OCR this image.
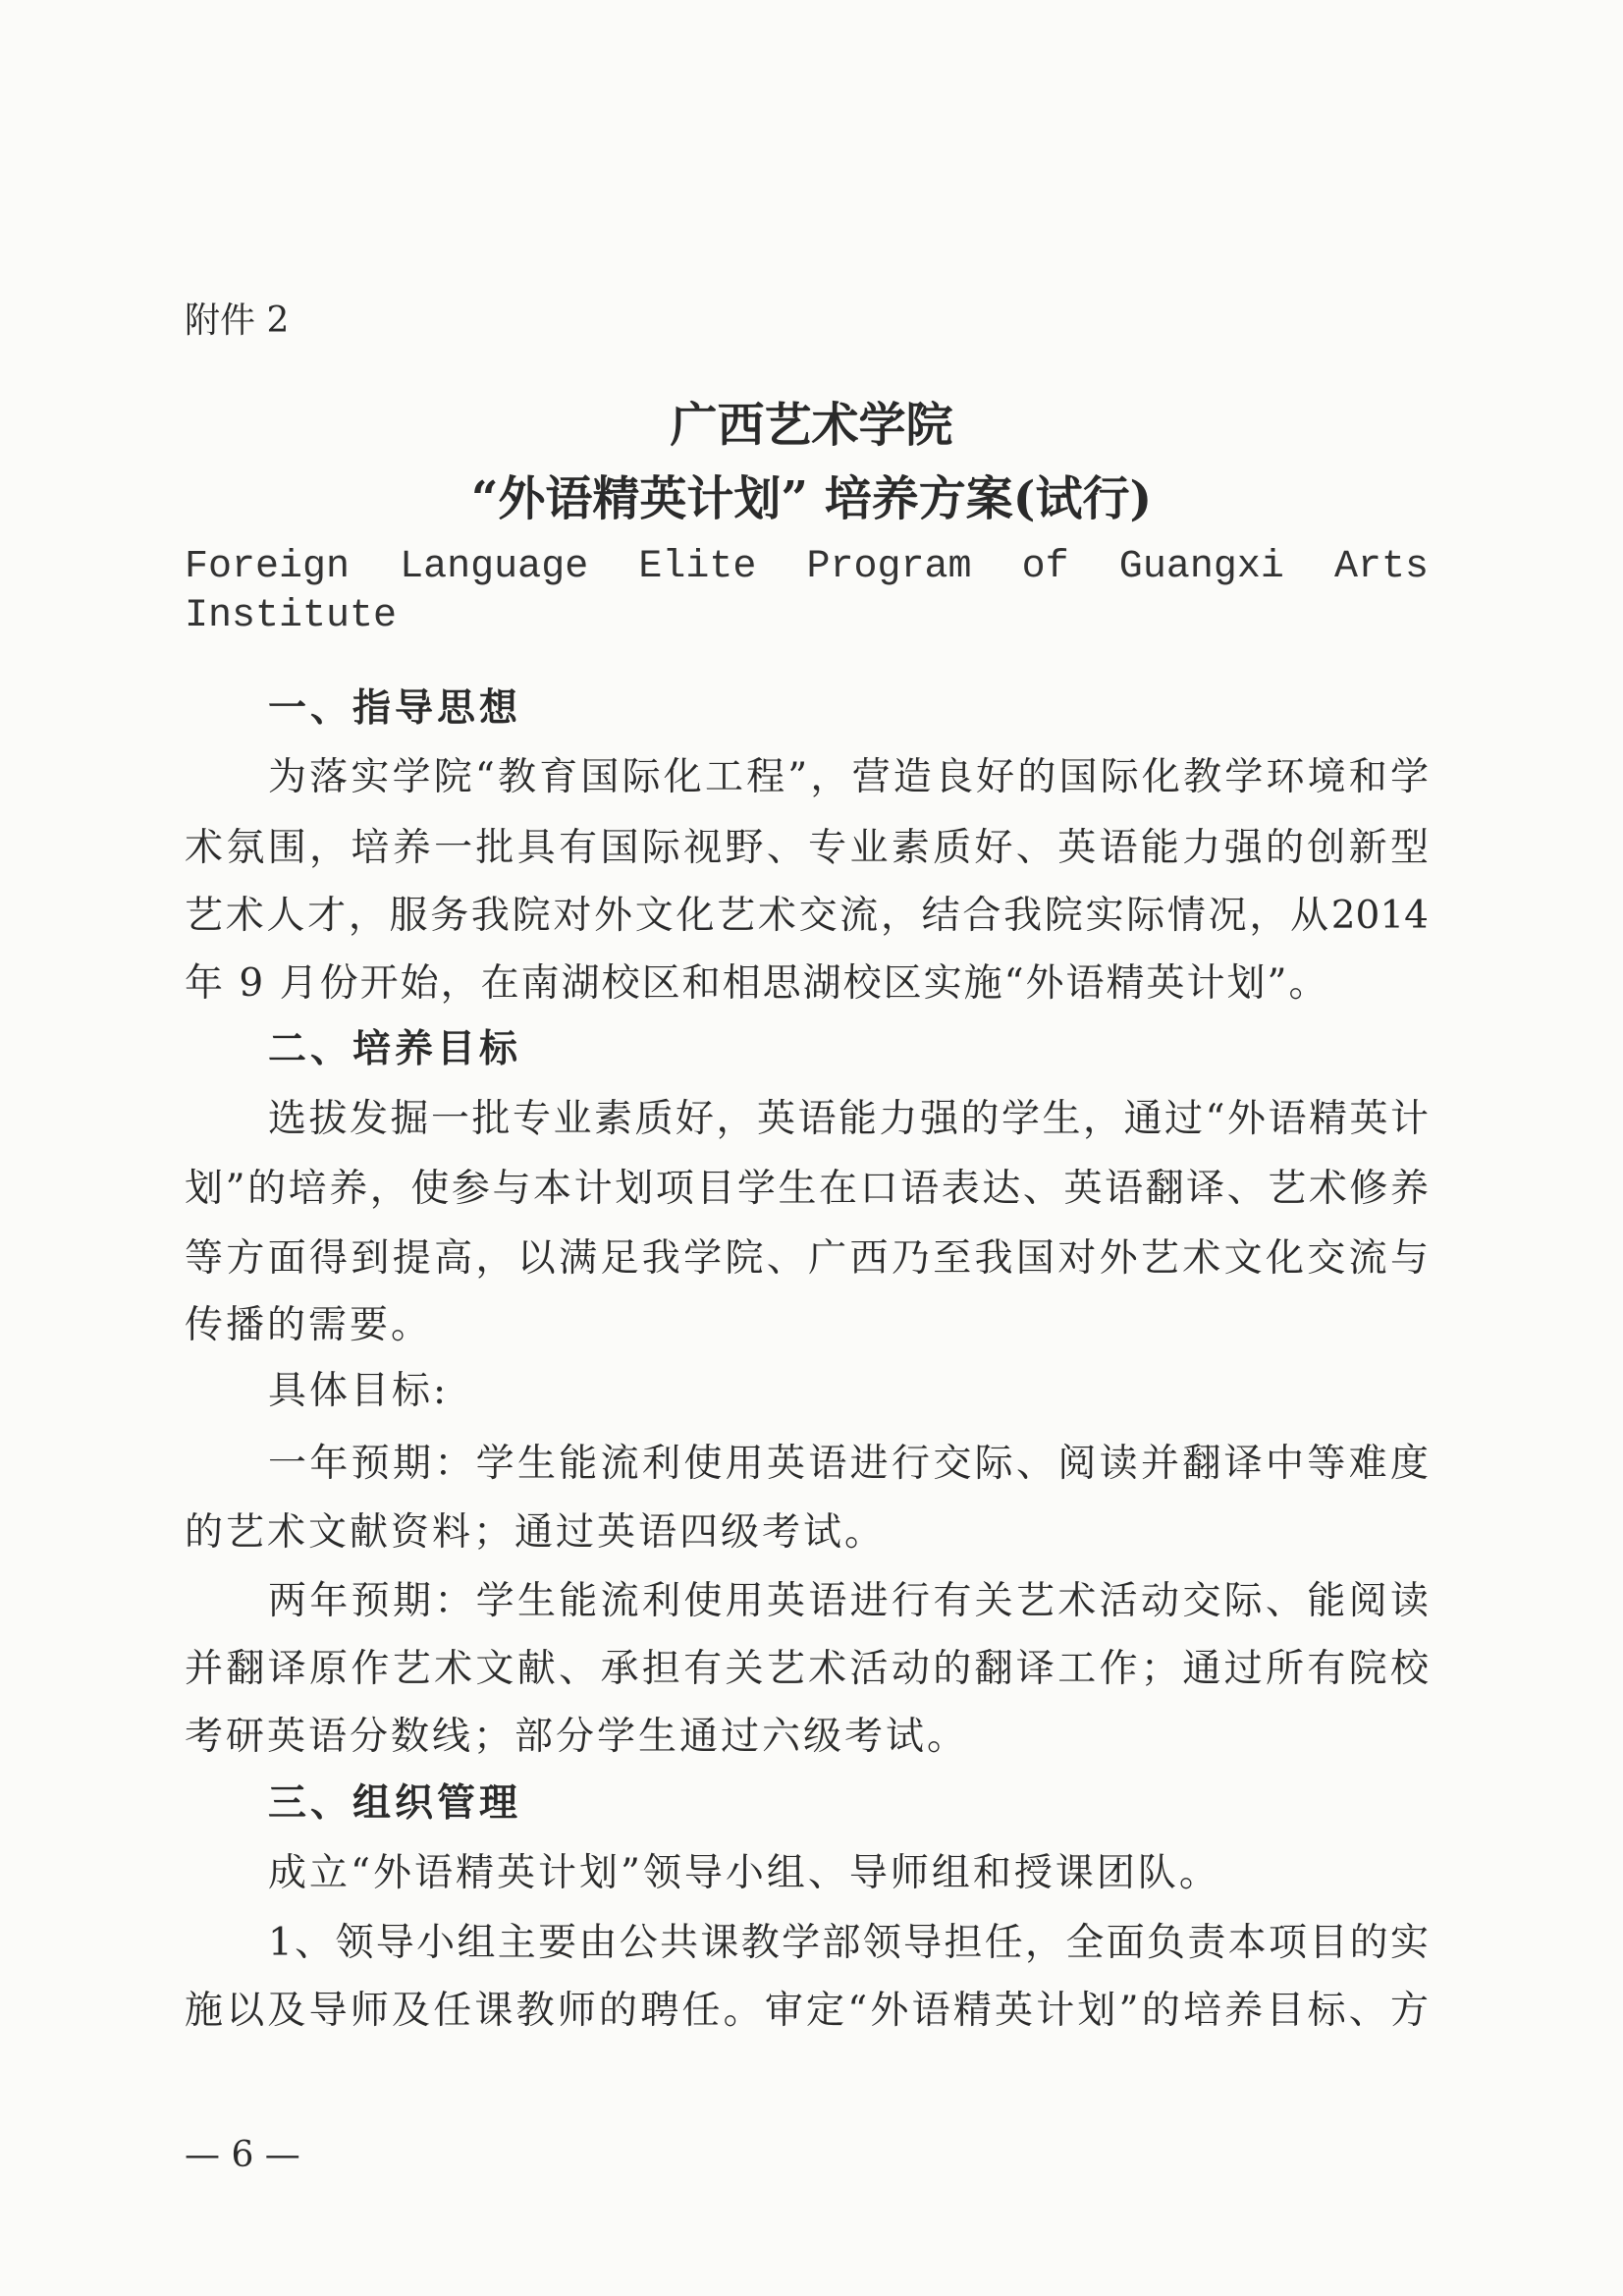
附件 2
广西艺术学院
“外语精英计划” 培养方案(试行)
Foreign Language Elite Program of Guangxi Arts Institute
一、指导思想
为落实学院“教育国际化工程”，营造良好的国际化教学环境和学
术氛围，培养一批具有国际视野、专业素质好、英语能力强的创新型
艺术人才，服务我院对外文化艺术交流，结合我院实际情况，从2014
年 9 月份开始，在南湖校区和相思湖校区实施“外语精英计划”。
二、培养目标
选拔发掘一批专业素质好，英语能力强的学生，通过“外语精英计
划”的培养，使参与本计划项目学生在口语表达、英语翻译、艺术修养
等方面得到提高，以满足我学院、广西乃至我国对外艺术文化交流与
传播的需要。
具体目标:
一年预期：学生能流利使用英语进行交际、阅读并翻译中等难度
的艺术文献资料；通过英语四级考试。
两年预期：学生能流利使用英语进行有关艺术活动交际、能阅读
并翻译原作艺术文献、承担有关艺术活动的翻译工作；通过所有院校
考研英语分数线；部分学生通过六级考试。
三、组织管理
成立“外语精英计划”领导小组、导师组和授课团队。
1、领导小组主要由公共课教学部领导担任，全面负责本项目的实
施以及导师及任课教师的聘任。审定“外语精英计划”的培养目标、方
— 6 —
